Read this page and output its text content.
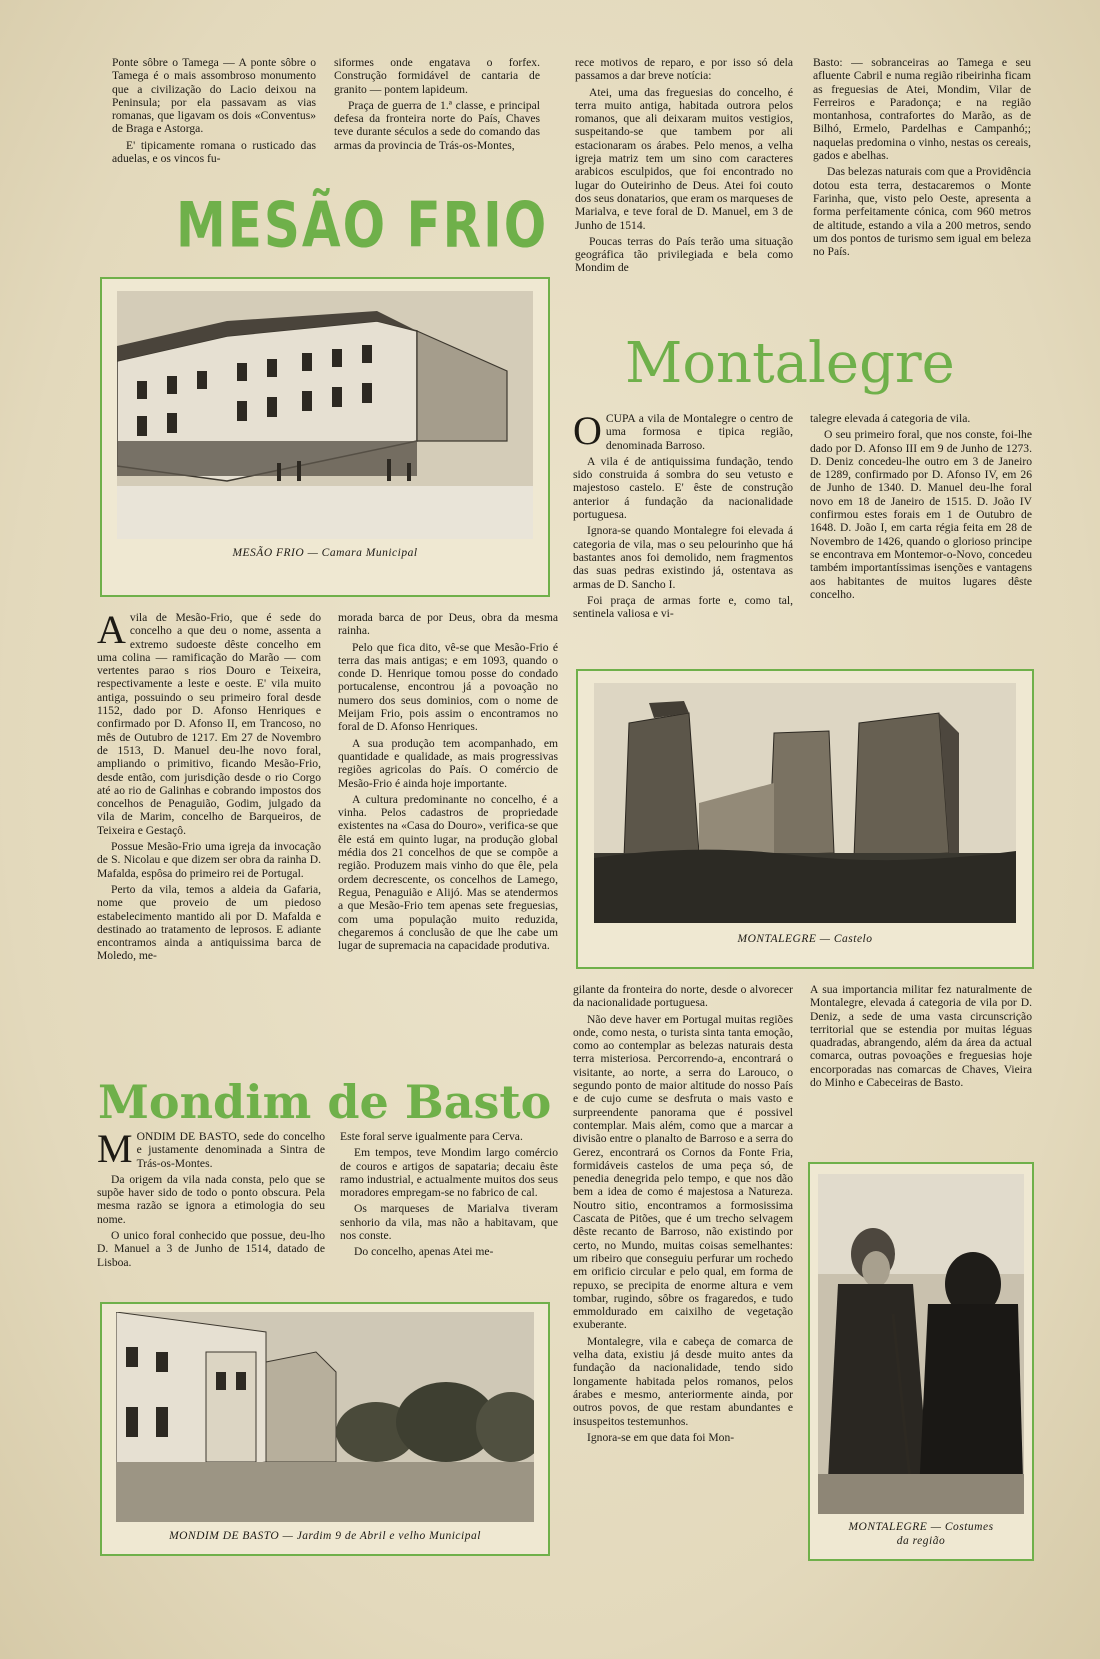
Ponte sôbre o Tamega — A ponte sôbre o Tamega é o mais assombroso monumento que a civilização do Lacio deixou na Peninsula; por ela passavam as vias romanas, que ligavam os dois «Conventus» de Braga e Astorga.

E' tipicamente romana o rusticado das aduelas, e os vincos fu-

siformes onde engatava o forfex. Construção formidável de cantaria de granito — pontem lapideum.

Praça de guerra de 1.ª classe, e principal defesa da fronteira norte do País, Chaves teve durante séculos a sede do comando das armas da provincia de Trás-os-Montes,

MESÃO FRIO
MESÃO FRIO — Camara Municipal

Avila de Mesão-Frio, que é sede do concelho a que deu o nome, assenta a extremo sudoeste dêste concelho em uma colina — ramificação do Marão — com vertentes parao s rios Douro e Teixeira, respectivamente a leste e oeste. E' vila muito antiga, possuindo o seu primeiro foral desde 1152, dado por D. Afonso Henriques e confirmado por D. Afonso II, em Trancoso, no mês de Outubro de 1217. Em 27 de Novembro de 1513, D. Manuel deu-lhe novo foral, ampliando o primitivo, ficando Mesão-Frio, desde então, com jurisdição desde o rio Corgo até ao rio de Galinhas e cobrando impostos dos concelhos de Penaguião, Godim, julgado da vila de Marim, concelho de Barqueiros, de Teixeira e Gestaçô.

Possue Mesão-Frio uma igreja da invocação de S. Nicolau e que dizem ser obra da rainha D. Mafalda, espôsa do primeiro rei de Portugal.

Perto da vila, temos a aldeia da Gafaria, nome que proveio de um piedoso estabelecimento mantido ali por D. Mafalda e destinado ao tratamento de leprosos. E adiante encontramos ainda a antiquissima barca de Moledo, me-

morada barca de por Deus, obra da mesma rainha.

Pelo que fica dito, vê-se que Mesão-Frio é terra das mais antigas; e em 1093, quando o conde D. Henrique tomou posse do condado portucalense, encontrou já a povoação no numero dos seus dominios, com o nome de Meijam Frio, pois assim o encontramos no foral de D. Afonso Henriques.

A sua produção tem acompanhado, em quantidade e qualidade, as mais progressivas regiões agricolas do País. O comércio de Mesão-Frio é ainda hoje importante.

A cultura predominante no concelho, é a vinha. Pelos cadastros de propriedade existentes na «Casa do Douro», verifica-se que êle está em quinto lugar, na produção global média dos 21 concelhos de que se compõe a região. Produzem mais vinho do que êle, pela ordem decrescente, os concelhos de Lamego, Regua, Penaguião e Alijó. Mas se atendermos a que Mesão-Frio tem apenas sete freguesias, com uma população muito reduzida, chegaremos á conclusão de que lhe cabe um lugar de supremacia na capacidade produtiva.

Mondim de Basto

MONDIM DE BASTO, sede do concelho e justamente denominada a Sintra de Trás-os-Montes.

Da origem da vila nada consta, pelo que se supõe haver sido de todo o ponto obscura. Pela mesma razão se ignora a etimologia do seu nome.

O unico foral conhecido que possue, deu-lho D. Manuel a 3 de Junho de 1514, datado de Lisboa.

Este foral serve igualmente para Cerva.

Em tempos, teve Mondim largo comércio de couros e artigos de sapataria; decaiu êste ramo industrial, e actualmente muitos dos seus moradores empregam-se no fabrico de cal.

Os marqueses de Marialva tiveram senhorio da vila, mas não a habitavam, que nos conste.

Do concelho, apenas Atei me-

rece motivos de reparo, e por isso só dela passamos a dar breve notícia:

Atei, uma das freguesias do concelho, é terra muito antiga, habitada outrora pelos romanos, que ali deixaram muitos vestigios, suspeitando-se que tambem por ali estacionaram os árabes. Pelo menos, a velha igreja matriz tem um sino com caracteres arabicos esculpidos, que foi encontrado no lugar do Outeirinho de Deus. Atei foi couto dos seus donatarios, que eram os marqueses de Marialva, e teve foral de D. Manuel, em 3 de Junho de 1514.

Poucas terras do País terão uma situação geográfica tão privilegiada e bela como Mondim de

Basto: — sobranceiras ao Tamega e seu afluente Cabril e numa região ribeirinha ficam as freguesias de Atei, Mondim, Vilar de Ferreiros e Paradonça; e na região montanhosa, contrafortes do Marão, as de Bilhó, Ermelo, Pardelhas e Campanhó;; naquelas predomina o vinho, nestas os cereais, gados e abelhas.

Das belezas naturais com que a Providência dotou esta terra, destacaremos o Monte Farinha, que, visto pelo Oeste, apresenta a forma perfeitamente cónica, com 960 metros de altitude, estando a vila a 200 metros, sendo um dos pontos de turismo sem igual em beleza no País.

MONDIM DE BASTO — Jardim 9 de Abril e velho Municipal
Montalegre

OCUPA a vila de Montalegre o centro de uma formosa e tipica região, denominada Barroso.

A vila é de antiquissima fundação, tendo sido construida á sombra do seu vetusto e majestoso castelo. E' êste de construção anterior á fundação da nacionalidade portuguesa.

Ignora-se quando Montalegre foi elevada á categoria de vila, mas o seu pelourinho que há bastantes anos foi demolido, nem fragmentos das suas pedras existindo já, ostentava as armas de D. Sancho I.

Foi praça de armas forte e, como tal, sentinela valiosa e vi-

talegre elevada á categoria de vila.

O seu primeiro foral, que nos conste, foi-lhe dado por D. Afonso III em 9 de Junho de 1273. D. Deniz concedeu-lhe outro em 3 de Janeiro de 1289, confirmado por D. Afonso IV, em 26 de Junho de 1340. D. Manuel deu-lhe foral novo em 18 de Janeiro de 1515. D. João IV confirmou estes forais em 1 de Outubro de 1648. D. João I, em carta régia feita em 28 de Novembro de 1426, quando o glorioso principe se encontrava em Montemor-o-Novo, concedeu também importantíssimas isenções e vantagens aos habitantes de muitos lugares dêste concelho.

MONTALEGRE — Castelo

gilante da fronteira do norte, desde o alvorecer da nacionalidade portuguesa.

Não deve haver em Portugal muitas regiões onde, como nesta, o turista sinta tanta emoção, como ao contemplar as belezas naturais desta terra misteriosa. Percorrendo-a, encontrará o visitante, ao norte, a serra do Larouco, o segundo ponto de maior altitude do nosso País e de cujo cume se desfruta o mais vasto e surpreendente panorama que é possivel contemplar. Mais além, como que a marcar a divisão entre o planalto de Barroso e a serra do Gerez, encontrará os Cornos da Fonte Fria, formidáveis castelos de uma peça só, de penedia denegrida pelo tempo, e que nos dão bem a idea de como é majestosa a Natureza. Noutro sitio, encontramos a formosissima Cascata de Pitões, que é um trecho selvagem dêste recanto de Barroso, não existindo por certo, no Mundo, muitas coisas semelhantes: um ribeiro que conseguiu perfurar um rochedo em orificio circular e pelo qual, em forma de repuxo, se precipita de enorme altura e vem tombar, rugindo, sôbre os fragaredos, e tudo emmoldurado em caixilho de vegetação exuberante.

Montalegre, vila e cabeça de comarca de velha data, existiu já desde muito antes da fundação da nacionalidade, tendo sido longamente habitada pelos romanos, pelos árabes e mesmo, anteriormente ainda, por outros povos, de que restam abundantes e insuspeitos testemunhos.

Ignora-se em que data foi Mon-

A sua importancia militar fez naturalmente de Montalegre, elevada á categoria de vila por D. Deniz, a sede de uma vasta circunscrição territorial que se estendia por muitas léguas quadradas, abrangendo, além da área da actual comarca, outras povoações e freguesias hoje encorporadas nas comarcas de Chaves, Vieira do Minho e Cabeceiras de Basto.

MONTALEGRE — Costumes
da região
